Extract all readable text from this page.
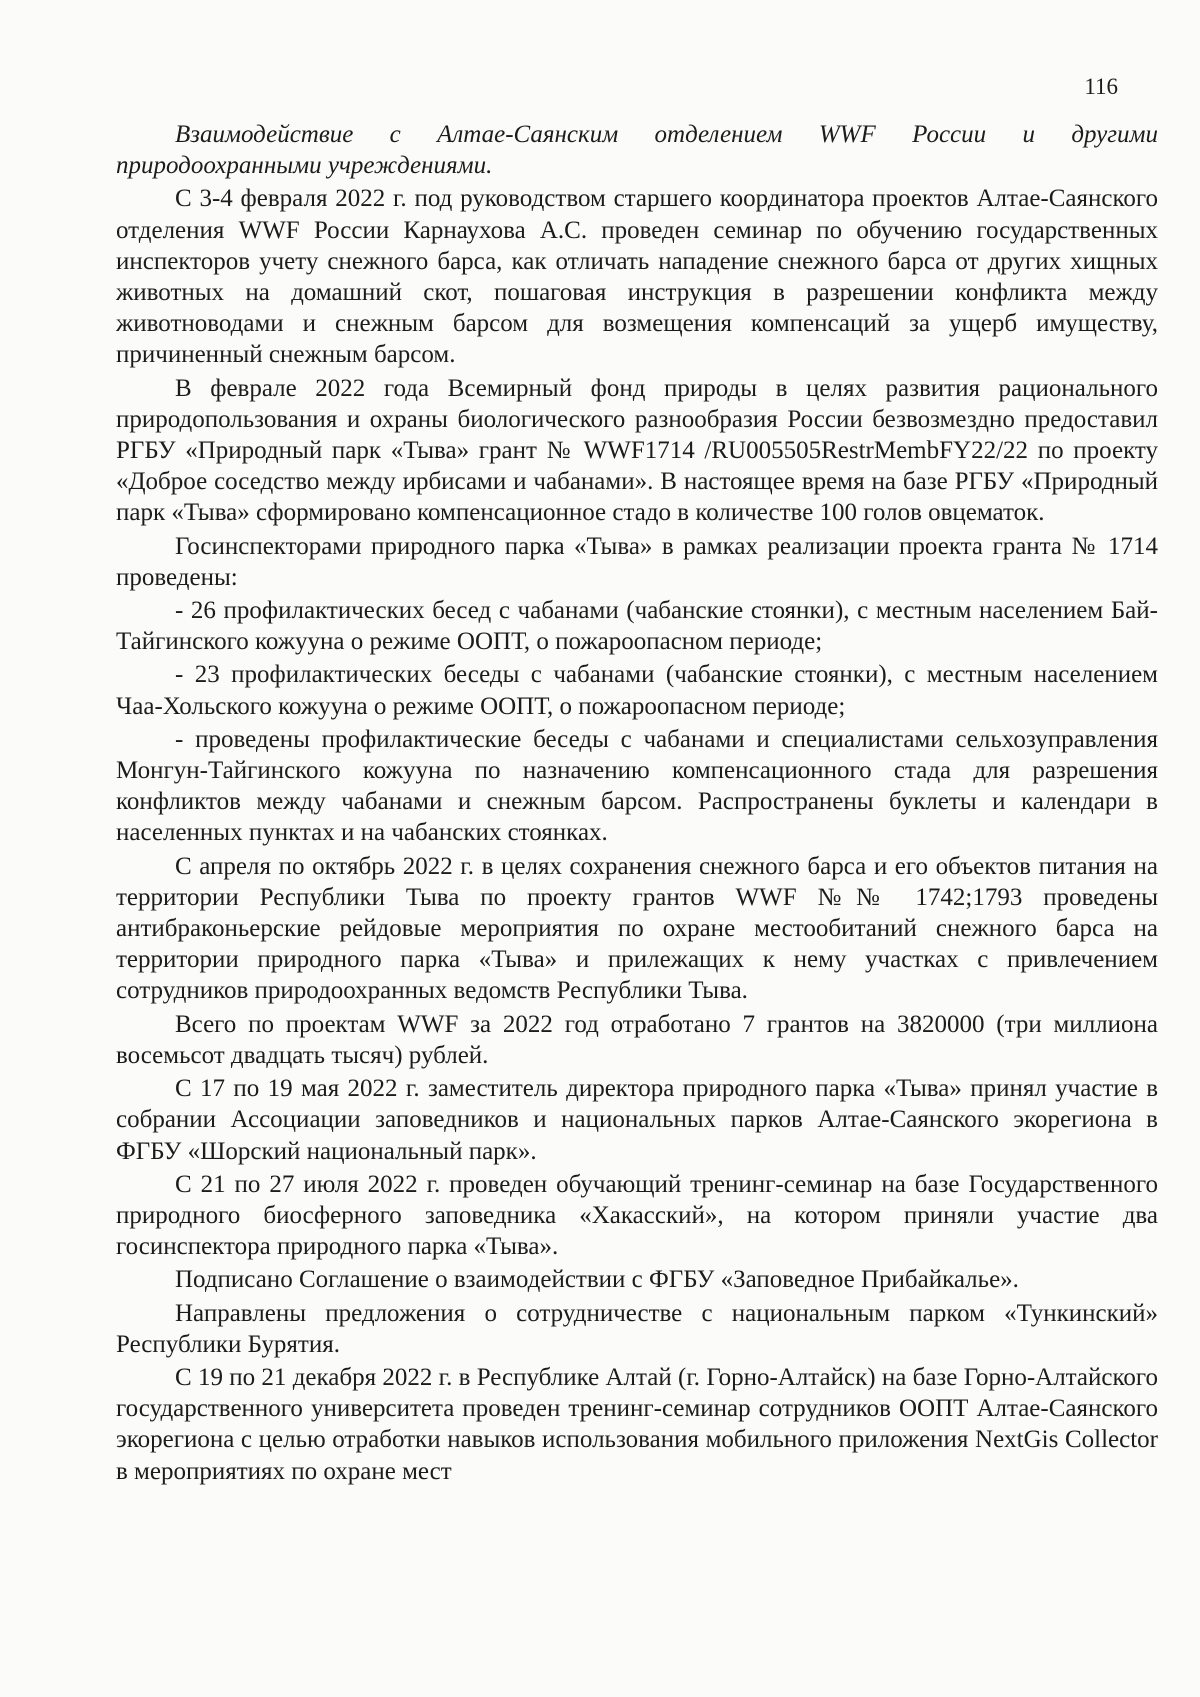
116

Взаимодействие с Алтае-Саянским отделением WWF России и другими природоохранными учреждениями.

С 3-4 февраля 2022 г. под руководством старшего координатора проектов Алтае-Саянского отделения WWF России Карнаухова А.С. проведен семинар по обучению государственных инспекторов учету снежного барса, как отличать нападение снежного барса от других хищных животных на домашний скот, пошаговая инструкция в разрешении конфликта между животноводами и снежным барсом для возмещения компенсаций за ущерб имуществу, причиненный снежным барсом.

В феврале 2022 года Всемирный фонд природы в целях развития рационального природопользования и охраны биологического разнообразия России безвозмездно предоставил РГБУ «Природный парк «Тыва» грант № WWF1714 /RU005505RestrMembFY22/22 по проекту «Доброе соседство между ирбисами и чабанами». В настоящее время на базе РГБУ «Природный парк «Тыва» сформировано компенсационное стадо в количестве 100 голов овцематок.

Госинспекторами природного парка «Тыва» в рамках реализации проекта гранта № 1714 проведены:

- 26 профилактических бесед с чабанами (чабанские стоянки), с местным населением Бай-Тайгинского кожууна о режиме ООПТ, о пожароопасном периоде;

- 23 профилактических беседы с чабанами (чабанские стоянки), с местным населением Чаа-Хольского кожууна о режиме ООПТ, о пожароопасном периоде;

- проведены профилактические беседы с чабанами и специалистами сельхозуправления Монгун-Тайгинского кожууна по назначению компенсационного стада для разрешения конфликтов между чабанами и снежным барсом. Распространены буклеты и календари в населенных пунктах и на чабанских стоянках.

С апреля по октябрь 2022 г. в целях сохранения снежного барса и его объектов питания на территории Республики Тыва по проекту грантов WWF №№ 1742;1793 проведены антибраконьерские рейдовые мероприятия по охране местообитаний снежного барса на территории природного парка «Тыва» и прилежащих к нему участках с привлечением сотрудников природоохранных ведомств Республики Тыва.

Всего по проектам WWF за 2022 год отработано 7 грантов на 3820000 (три миллиона восемьсот двадцать тысяч) рублей.

С 17 по 19 мая 2022 г. заместитель директора природного парка «Тыва» принял участие в собрании Ассоциации заповедников и национальных парков Алтае-Саянского экорегиона в ФГБУ «Шорский национальный парк».

С 21 по 27 июля 2022 г. проведен обучающий тренинг-семинар на базе Государственного природного биосферного заповедника «Хакасский», на котором приняли участие два госинспектора природного парка «Тыва».

Подписано Соглашение о взаимодействии с ФГБУ «Заповедное Прибайкалье».

Направлены предложения о сотрудничестве с национальным парком «Тункинский» Республики Бурятия.

С 19 по 21 декабря 2022 г. в Республике Алтай (г. Горно-Алтайск) на базе Горно-Алтайского государственного университета проведен тренинг-семинар сотрудников ООПТ Алтае-Саянского экорегиона с целью отработки навыков использования мобильного приложения NextGis Collector в мероприятиях по охране мест
